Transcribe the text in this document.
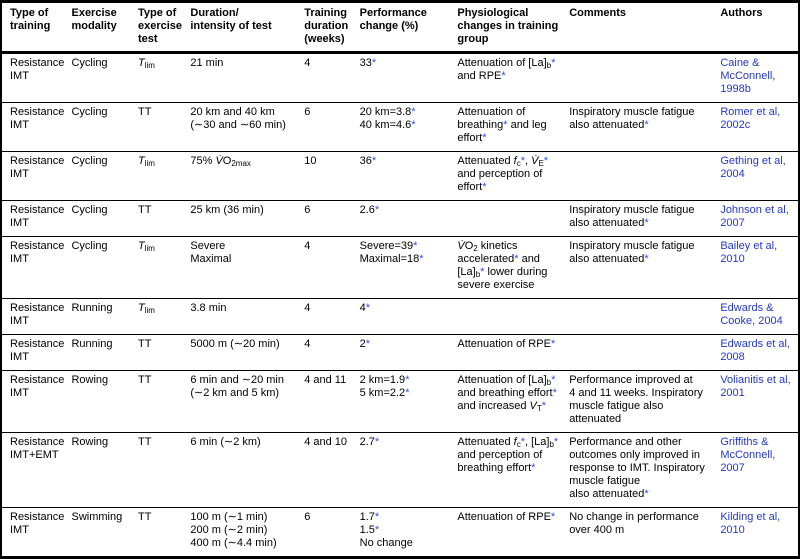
Type of
training	Exercise
modality	Type of
exercise
test	Duration/
intensity of test	Training
duration
(weeks)	Performance
change (%)	Physiological
changes in training
group	Comments	Authors
Resistance
IMT	Cycling	$T_{lim}$	21 min	4	33*	Attenuation of $[La]_b*$
and RPE*		Caine &
McConnell,
1998b
Resistance
IMT	Cycling	TT	20 km and 40 km
(∼30 and ∼60 min)	6	20 km=3.8*
40 km=4.6*	Attenuation of
breathing* and leg
effort*	Inspiratory muscle fatigue
also attenuated*	Romer et al,
2002c
Resistance
IMT	Cycling	$T_{lim}$	75% $V̇O_{2max}$	10	36*	Attenuated $f_c*$, $V̇_E*$
and perception of
effort*		Gething et al,
2004
Resistance
IMT	Cycling	TT	25 km (36 min)	6	2.6*		Inspiratory muscle fatigue
also attenuated*	Johnson et al,
2007
Resistance
IMT	Cycling	$T_{lim}$	Severe
Maximal	4	Severe=39*
Maximal=18*	$V̇O_2$ kinetics
accelerated* and
$[La]_b*$ lower during
severe exercise	Inspiratory muscle fatigue
also attenuated*	Bailey et al,
2010
Resistance
IMT	Running	$T_{lim}$	3.8 min	4	4*			Edwards &
Cooke, 2004
Resistance
IMT	Running	TT	5000 m (∼20 min)	4	2*	Attenuation of RPE*		Edwards et al,
2008
Resistance
IMT	Rowing	TT	6 min and ∼20 min
(∼2 km and 5 km)	4 and 11	2 km=1.9*
5 km=2.2*	Attenuation of $[La]_b*$
and breathing effort*
and increased $V_T*$	Performance improved at
4 and 11 weeks. Inspiratory
muscle fatigue also attenuated	Volianitis et al,
2001
Resistance
IMT+EMT	Rowing	TT	6 min (∼2 km)	4 and 10	2.7*	Attenuated $f_c*$, $[La]_b*$
and perception of
breathing effort*	Performance and other
outcomes only improved in
response to IMT. Inspiratory
muscle fatigue
also attenuated*	Griffiths &
McConnell,
2007
Resistance
IMT	Swimming	TT	100 m (∼1 min)
200 m (∼2 min)
400 m (∼4.4 min)	6	1.7*
1.5*
No change	Attenuation of RPE*	No change in performance
over 400 m	Kilding et al,
2010
